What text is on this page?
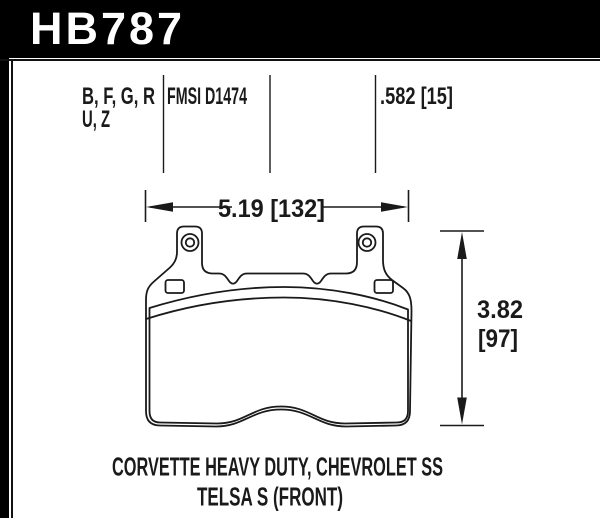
HB787
B, F, G, R
U, Z
FMSI D1474	.582 [15]
5.19 [132]
3.82
[97]
CORVETTE HEAVY DUTY, CHEVROLET SS
TELSA S (FRONT)
